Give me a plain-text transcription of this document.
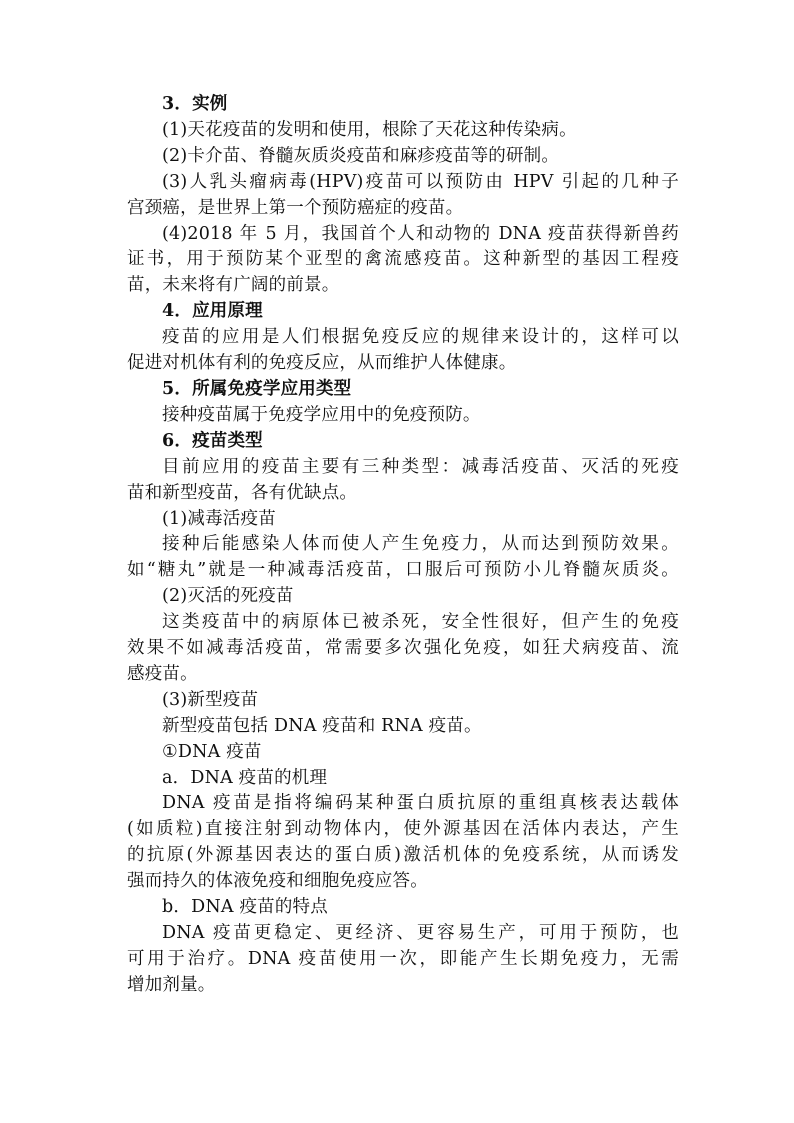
3．实例
(1)天花疫苗的发明和使用，根除了天花这种传染病。
(2)卡介苗、脊髓灰质炎疫苗和麻疹疫苗等的研制。
(3)人乳头瘤病毒(HPV)疫苗可以预防由 HPV 引起的几种子
宫颈癌，是世界上第一个预防癌症的疫苗。
(4)2018 年 5 月，我国首个人和动物的 DNA 疫苗获得新兽药
证书，用于预防某个亚型的禽流感疫苗。这种新型的基因工程疫
苗，未来将有广阔的前景。
4．应用原理
疫苗的应用是人们根据免疫反应的规律来设计的，这样可以
促进对机体有利的免疫反应，从而维护人体健康。
5．所属免疫学应用类型
接种疫苗属于免疫学应用中的免疫预防。
6．疫苗类型
目前应用的疫苗主要有三种类型：减毒活疫苗、灭活的死疫
苗和新型疫苗，各有优缺点。
(1)减毒活疫苗
接种后能感染人体而使人产生免疫力，从而达到预防效果。
如“糖丸”就是一种减毒活疫苗，口服后可预防小儿脊髓灰质炎。
(2)灭活的死疫苗
这类疫苗中的病原体已被杀死，安全性很好，但产生的免疫
效果不如减毒活疫苗，常需要多次强化免疫，如狂犬病疫苗、流
感疫苗。
(3)新型疫苗
新型疫苗包括 DNA 疫苗和 RNA 疫苗。
①DNA 疫苗
a．DNA 疫苗的机理
DNA 疫苗是指将编码某种蛋白质抗原的重组真核表达载体
(如质粒)直接注射到动物体内，使外源基因在活体内表达，产生
的抗原(外源基因表达的蛋白质)激活机体的免疫系统，从而诱发
强而持久的体液免疫和细胞免疫应答。
b．DNA 疫苗的特点
DNA 疫苗更稳定、更经济、更容易生产，可用于预防，也
可用于治疗。DNA 疫苗使用一次，即能产生长期免疫力，无需
增加剂量。
